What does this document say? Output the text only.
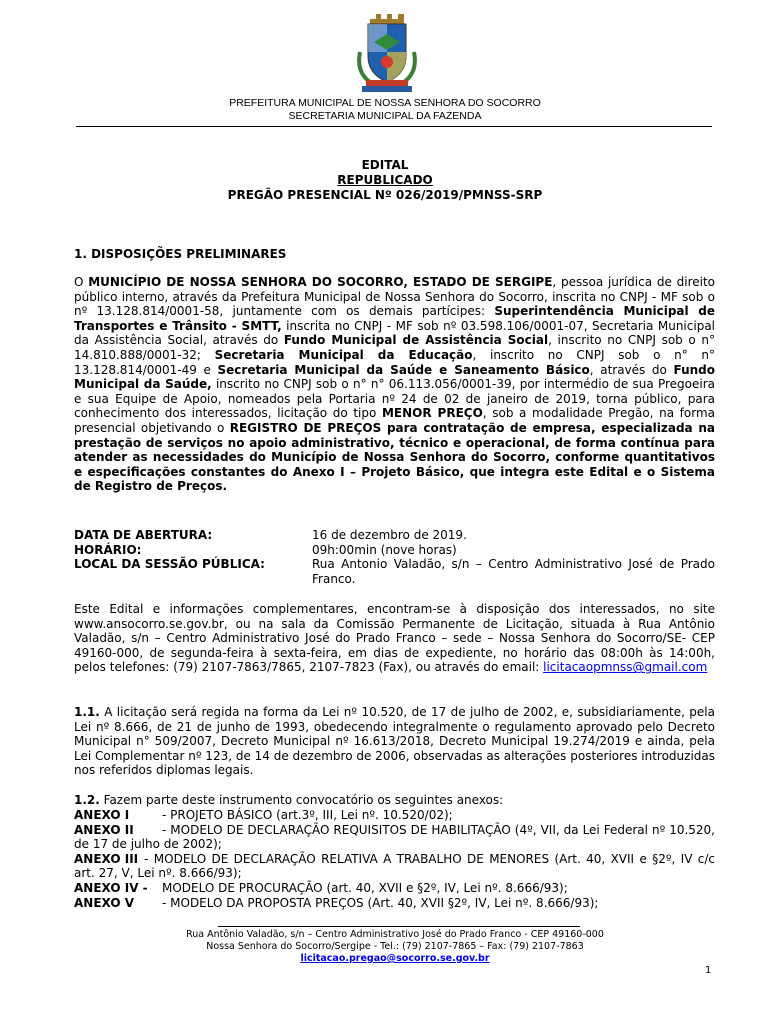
PREFEITURA MUNICIPAL DE NOSSA SENHORA DO SOCORRO
SECRETARIA MUNICIPAL DA FAZENDA
EDITAL
REPUBLICADO
PREGÃO PRESENCIAL Nº 026/2019/PMNSS-SRP
1. DISPOSIÇÕES PRELIMINARES
O MUNICÍPIO DE NOSSA SENHORA DO SOCORRO, ESTADO DE SERGIPE, pessoa jurídica de direito público interno, através da Prefeitura Municipal de Nossa Senhora do Socorro, inscrita no CNPJ - MF sob o nº 13.128.814/0001-58, juntamente com os demais partícipes: Superintendência Municipal de Transportes e Trânsito - SMTT, inscrita no CNPJ - MF sob nº 03.598.106/0001-07, Secretaria Municipal da Assistência Social, através do Fundo Municipal de Assistência Social, inscrito no CNPJ sob o n° 14.810.888/0001-32; Secretaria Municipal da Educação, inscrito no CNPJ sob o n° n° 13.128.814/0001-49 e Secretaria Municipal da Saúde e Saneamento Básico, através do Fundo Municipal da Saúde, inscrito no CNPJ sob o n° n° 06.113.056/0001-39, por intermédio de sua Pregoeira e sua Equipe de Apoio, nomeados pela Portaria nº 24 de 02 de janeiro de 2019, torna público, para conhecimento dos interessados, licitação do tipo MENOR PREÇO, sob a modalidade Pregão, na forma presencial objetivando o REGISTRO DE PREÇOS para contratação de empresa, especializada na prestação de serviços no apoio administrativo, técnico e operacional, de forma contínua para atender as necessidades do Município de Nossa Senhora do Socorro, conforme quantitativos e especificações constantes do Anexo I – Projeto Básico, que integra este Edital e o Sistema de Registro de Preços.
DATA DE ABERTURA:	16 de dezembro de 2019.
HORÁRIO:	09h:00min (nove horas)
LOCAL DA SESSÃO PÚBLICA:	Rua Antonio Valadão, s/n – Centro Administrativo José de Prado Franco.
Este Edital e informações complementares, encontram-se à disposição dos interessados, no site www.ansocorro.se.gov.br, ou na sala da Comissão Permanente de Licitação, situada à Rua Antônio Valadão, s/n – Centro Administrativo José do Prado Franco – sede – Nossa Senhora do Socorro/SE- CEP 49160-000, de segunda-feira à sexta-feira, em dias de expediente, no horário das 08:00h às 14:00h, pelos telefones: (79) 2107-7863/7865, 2107-7823 (Fax), ou através do email: licitacaopmnss@gmail.com
1.1. A licitação será regida na forma da Lei nº 10.520, de 17 de julho de 2002, e, subsidiariamente, pela Lei nº 8.666, de 21 de junho de 1993, obedecendo integralmente o regulamento aprovado pelo Decreto Municipal n° 509/2007, Decreto Municipal nº 16.613/2018, Decreto Municipal 19.274/2019 e ainda, pela Lei Complementar nº 123, de 14 de dezembro de 2006, observadas as alterações posteriores introduzidas nos referidos diplomas legais.
1.2. Fazem parte deste instrumento convocatório os seguintes anexos:
ANEXO I	- PROJETO BÁSICO (art.3º, III, Lei nº. 10.520/02);
ANEXO II - MODELO DE DECLARAÇÃO REQUISITOS DE HABILITAÇÃO (4º, VII, da Lei Federal nº 10.520, de 17 de julho de 2002);
ANEXO III - MODELO DE DECLARAÇÃO RELATIVA A TRABALHO DE MENORES (Art. 40, XVII e §2º, IV c/c art. 27, V, Lei nº. 8.666/93);
ANEXO IV - MODELO DE PROCURAÇÃO (art. 40, XVII e §2º, IV, Lei nº. 8.666/93);
ANEXO V - MODELO DA PROPOSTA PREÇOS (Art. 40, XVII §2º, IV, Lei nº. 8.666/93);
Rua Antônio Valadão, s/n – Centro Administrativo José do Prado Franco - CEP 49160-000
Nossa Senhora do Socorro/Sergipe - Tel.: (79) 2107-7865 – Fax: (79) 2107-7863
licitacao.pregao@socorro.se.gov.br
1
